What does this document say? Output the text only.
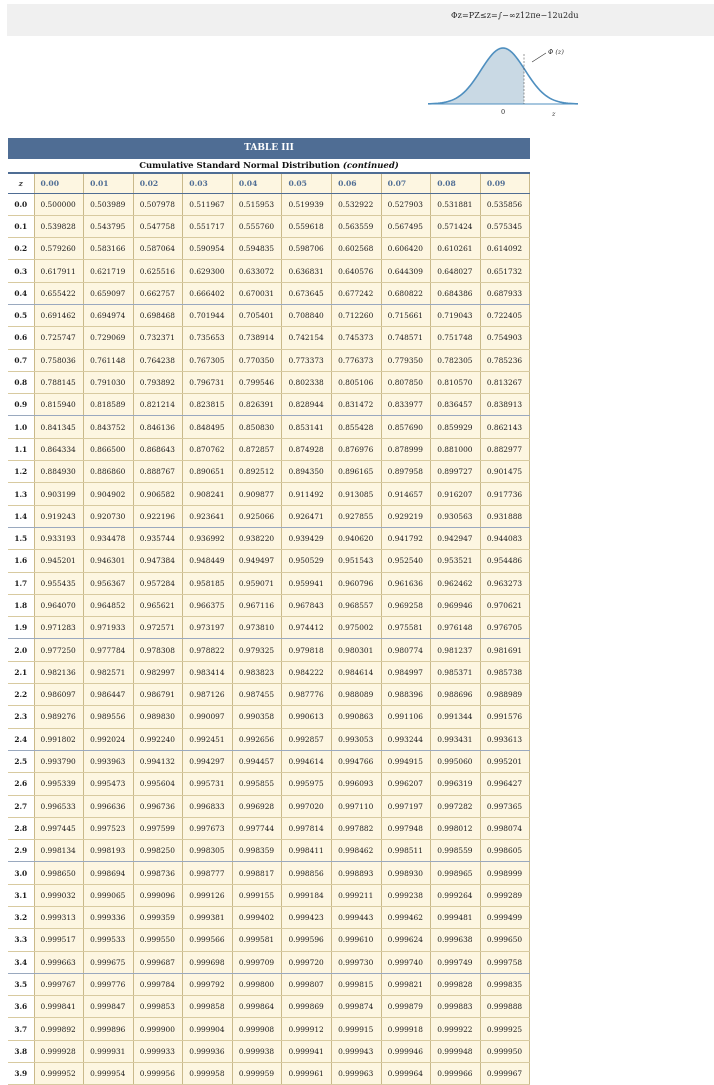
Φz=PZ≤z=∫−∞z12πe−12u2du
Φ (z)
0	z
TABLE III
Cumulative Standard Normal Distribution (continued)
z	0.00	0.01	0.02	0.03	0.04	0.05	0.06	0.07	0.08	0.09
0.0	0.500000	0.503989	0.507978	0.511967	0.515953	0.519939	0.532922	0.527903	0.531881	0.535856
0.1	0.539828	0.543795	0.547758	0.551717	0.555760	0.559618	0.563559	0.567495	0.571424	0.575345
0.2	0.579260	0.583166	0.587064	0.590954	0.594835	0.598706	0.602568	0.606420	0.610261	0.614092
0.3	0.617911	0.621719	0.625516	0.629300	0.633072	0.636831	0.640576	0.644309	0.648027	0.651732
0.4	0.655422	0.659097	0.662757	0.666402	0.670031	0.673645	0.677242	0.680822	0.684386	0.687933
0.5	0.691462	0.694974	0.698468	0.701944	0.705401	0.708840	0.712260	0.715661	0.719043	0.722405
0.6	0.725747	0.729069	0.732371	0.735653	0.738914	0.742154	0.745373	0.748571	0.751748	0.754903
0.7	0.758036	0.761148	0.764238	0.767305	0.770350	0.773373	0.776373	0.779350	0.782305	0.785236
0.8	0.788145	0.791030	0.793892	0.796731	0.799546	0.802338	0.805106	0.807850	0.810570	0.813267
0.9	0.815940	0.818589	0.821214	0.823815	0.826391	0.828944	0.831472	0.833977	0.836457	0.838913
1.0	0.841345	0.843752	0.846136	0.848495	0.850830	0.853141	0.855428	0.857690	0.859929	0.862143
1.1	0.864334	0.866500	0.868643	0.870762	0.872857	0.874928	0.876976	0.878999	0.881000	0.882977
1.2	0.884930	0.886860	0.888767	0.890651	0.892512	0.894350	0.896165	0.897958	0.899727	0.901475
1.3	0.903199	0.904902	0.906582	0.908241	0.909877	0.911492	0.913085	0.914657	0.916207	0.917736
1.4	0.919243	0.920730	0.922196	0.923641	0.925066	0.926471	0.927855	0.929219	0.930563	0.931888
1.5	0.933193	0.934478	0.935744	0.936992	0.938220	0.939429	0.940620	0.941792	0.942947	0.944083
1.6	0.945201	0.946301	0.947384	0.948449	0.949497	0.950529	0.951543	0.952540	0.953521	0.954486
1.7	0.955435	0.956367	0.957284	0.958185	0.959071	0.959941	0.960796	0.961636	0.962462	0.963273
1.8	0.964070	0.964852	0.965621	0.966375	0.967116	0.967843	0.968557	0.969258	0.969946	0.970621
1.9	0.971283	0.971933	0.972571	0.973197	0.973810	0.974412	0.975002	0.975581	0.976148	0.976705
2.0	0.977250	0.977784	0.978308	0.978822	0.979325	0.979818	0.980301	0.980774	0.981237	0.981691
2.1	0.982136	0.982571	0.982997	0.983414	0.983823	0.984222	0.984614	0.984997	0.985371	0.985738
2.2	0.986097	0.986447	0.986791	0.987126	0.987455	0.987776	0.988089	0.988396	0.988696	0.988989
2.3	0.989276	0.989556	0.989830	0.990097	0.990358	0.990613	0.990863	0.991106	0.991344	0.991576
2.4	0.991802	0.992024	0.992240	0.992451	0.992656	0.992857	0.993053	0.993244	0.993431	0.993613
2.5	0.993790	0.993963	0.994132	0.994297	0.994457	0.994614	0.994766	0.994915	0.995060	0.995201
2.6	0.995339	0.995473	0.995604	0.995731	0.995855	0.995975	0.996093	0.996207	0.996319	0.996427
2.7	0.996533	0.996636	0.996736	0.996833	0.996928	0.997020	0.997110	0.997197	0.997282	0.997365
2.8	0.997445	0.997523	0.997599	0.997673	0.997744	0.997814	0.997882	0.997948	0.998012	0.998074
2.9	0.998134	0.998193	0.998250	0.998305	0.998359	0.998411	0.998462	0.998511	0.998559	0.998605
3.0	0.998650	0.998694	0.998736	0.998777	0.998817	0.998856	0.998893	0.998930	0.998965	0.998999
3.1	0.999032	0.999065	0.999096	0.999126	0.999155	0.999184	0.999211	0.999238	0.999264	0.999289
3.2	0.999313	0.999336	0.999359	0.999381	0.999402	0.999423	0.999443	0.999462	0.999481	0.999499
3.3	0.999517	0.999533	0.999550	0.999566	0.999581	0.999596	0.999610	0.999624	0.999638	0.999650
3.4	0.999663	0.999675	0.999687	0.999698	0.999709	0.999720	0.999730	0.999740	0.999749	0.999758
3.5	0.999767	0.999776	0.999784	0.999792	0.999800	0.999807	0.999815	0.999821	0.999828	0.999835
3.6	0.999841	0.999847	0.999853	0.999858	0.999864	0.999869	0.999874	0.999879	0.999883	0.999888
3.7	0.999892	0.999896	0.999900	0.999904	0.999908	0.999912	0.999915	0.999918	0.999922	0.999925
3.8	0.999928	0.999931	0.999933	0.999936	0.999938	0.999941	0.999943	0.999946	0.999948	0.999950
3.9	0.999952	0.999954	0.999956	0.999958	0.999959	0.999961	0.999963	0.999964	0.999966	0.999967
